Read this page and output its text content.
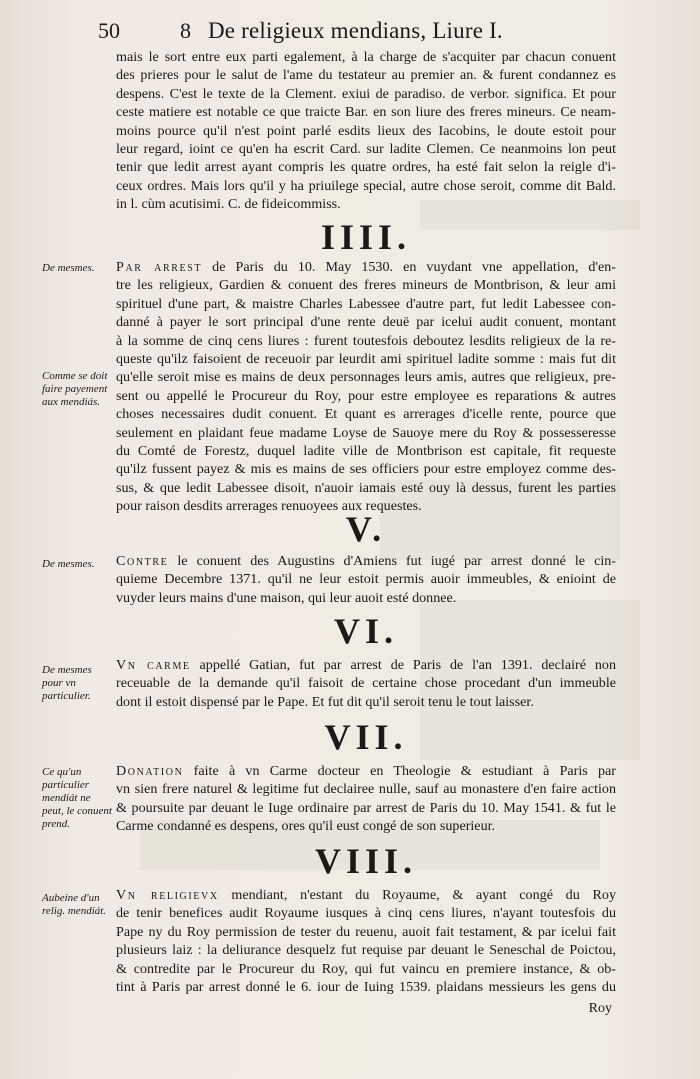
50	8 De religieux mendians, Liure I.
mais le sort entre eux parti egalement, à la charge de s'acquiter par chacun conuent
des prieres pour le salut de l'ame du testateur au premier an. & furent condannez es
despens. C'est le texte de la Clement. exiui de paradiso. de verbor. significa. Et pour
ceste matiere est notable ce que traicte Bar. en son liure des freres mineurs. Ce neam-
moins pource qu'il n'est point parlé esdits lieux des Iacobins, le doute estoit pour
leur regard, ioint ce qu'en ha escrit Card. sur ladite Clemen. Ce neanmoins lon peut
tenir que ledit arrest ayant compris les quatre ordres, ha esté fait selon la reigle d'i-
ceux ordres. Mais lors qu'il y ha priuilege special, autre chose seroit, comme dit Bald.
in l. cùm acutisimi. C. de fideicommiss.
IIII.
De mesmes.
Comme se doit faire payement aux mendiás.
Par arrest de Paris du 10. May 1530. en vuydant vne appellation, d'en-
tre les religieux, Gardien & conuent des freres mineurs de Montbrison, & leur ami
spirituel d'une part, & maistre Charles Labessee d'autre part, fut ledit Labessee con-
danné à payer le sort principal d'une rente deuë par icelui audit conuent, montant
à la somme de cinq cens liures : furent toutesfois deboutez lesdits religieux de la re-
queste qu'ilz faisoient de receuoir par leurdit ami spirituel ladite somme : mais fut dit
qu'elle seroit mise es mains de deux personnages leurs amis, autres que religieux, pre-
sent ou appellé le Procureur du Roy, pour estre employee es reparations & autres
choses necessaires dudit conuent. Et quant es arrerages d'icelle rente, pource que
seulement en plaidant feue madame Loyse de Sauoye mere du Roy & possesseresse
du Comté de Forestz, duquel ladite ville de Montbrison est capitale, fit requeste
qu'ilz fussent payez & mis es mains de ses officiers pour estre employez comme des-
sus, & que ledit Labessee disoit, n'auoir iamais esté ouy là dessus, furent les parties
pour raison desdits arrerages renuoyees aux requestes.
V.
De mesmes.	Contre le conuent des Augustins d'Amiens fut iugé par arrest donné le cin-
quieme Decembre 1371. qu'il ne leur estoit permis auoir immeubles, & enioint de
vuyder leurs mains d'une maison, qui leur auoit esté donnee.
VI.
De mesmes pour vn particulier.
Vn carme appellé Gatian, fut par arrest de Paris de l'an 1391. declairé non
receuable de la demande qu'il faisoit de certaine chose procedant d'un immeuble
dont il estoit dispensé par le Pape. Et fut dit qu'il seroit tenu le tout laisser.
VII.
Ce qu'un particulier mendiát ne peut, le conuent prend.
Donation faite à vn Carme docteur en Theologie & estudiant à Paris par
vn sien frere naturel & legitime fut declairee nulle, sauf au monastere d'en faire action
& poursuite par deuant le Iuge ordinaire par arrest de Paris du 10. May 1541. & fut le
Carme condanné es despens, ores qu'il eust congé de son superieur.
VIII.
Aubeine d'un relig. mendiát.
Vn religievx mendiant, n'estant du Royaume, & ayant congé du Roy
de tenir benefices audit Royaume iusques à cinq cens liures, n'ayant toutesfois du
Pape ny du Roy permission de tester du reuenu, auoit fait testament, & par icelui fait
plusieurs laiz : la deliurance desquelz fut requise par deuant le Seneschal de Poictou,
& contredite par le Procureur du Roy, qui fut vaincu en premiere instance, & ob-
tint à Paris par arrest donné le 6. iour de Iuing 1539. plaidans messieurs les gens du
Roy
